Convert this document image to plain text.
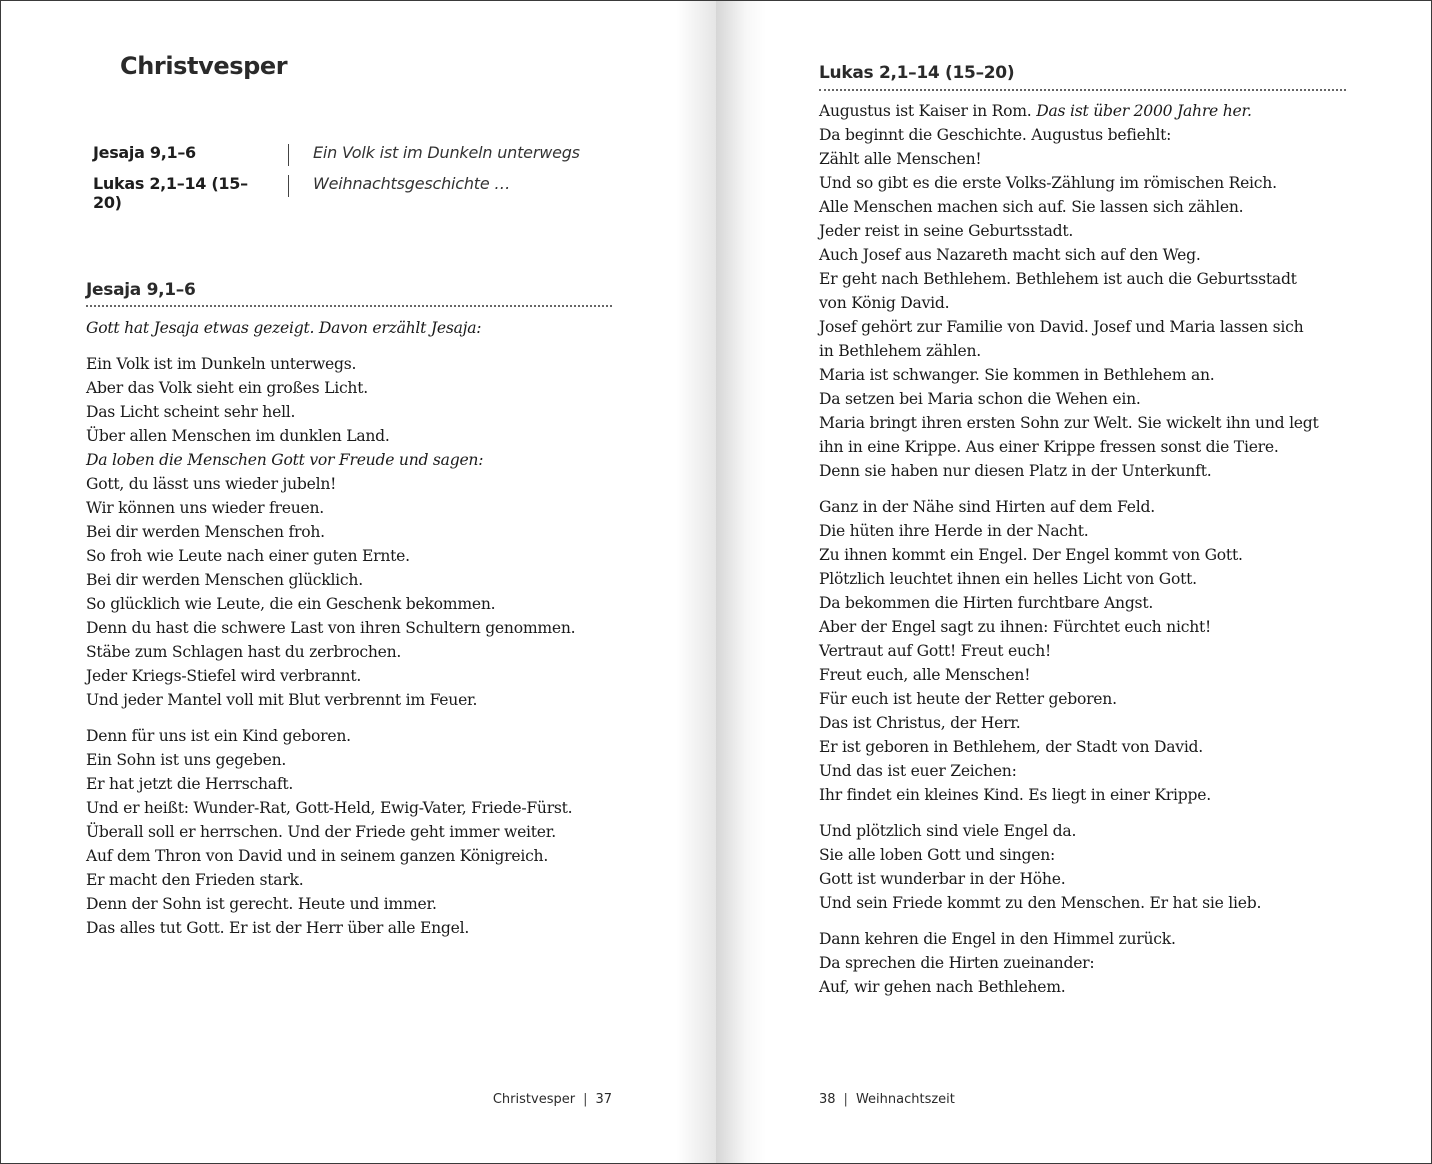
Christvesper
Jesaja 9,1–6	Ein Volk ist im Dunkeln unterwegs
Lukas 2,1–14 (15–20)
Weihnachtsgeschichte …
Jesaja 9,1–6
Gott hat Jesaja etwas gezeigt. Davon erzählt Jesaja:
Ein Volk ist im Dunkeln unterwegs.
Aber das Volk sieht ein großes Licht.
Das Licht scheint sehr hell.
Über allen Menschen im dunklen Land.
Da loben die Menschen Gott vor Freude und sagen:
Gott, du lässt uns wieder jubeln!
Wir können uns wieder freuen.
Bei dir werden Menschen froh.
So froh wie Leute nach einer guten Ernte.
Bei dir werden Menschen glücklich.
So glücklich wie Leute, die ein Geschenk bekommen.
Denn du hast die schwere Last von ihren Schultern genommen.
Stäbe zum Schlagen hast du zerbrochen.
Jeder Kriegs-Stiefel wird verbrannt.
Und jeder Mantel voll mit Blut verbrennt im Feuer.
Denn für uns ist ein Kind geboren.
Ein Sohn ist uns gegeben.
Er hat jetzt die Herrschaft.
Und er heißt: Wunder-Rat, Gott-Held, Ewig-Vater, Friede-Fürst.
Überall soll er herrschen. Und der Friede geht immer weiter.
Auf dem Thron von David und in seinem ganzen Königreich.
Er macht den Frieden stark.
Denn der Sohn ist gerecht. Heute und immer.
Das alles tut Gott. Er ist der Herr über alle Engel.
Christvesper | 37
Lukas 2,1–14 (15–20)
Augustus ist Kaiser in Rom. Das ist über 2000 Jahre her.
Da beginnt die Geschichte. Augustus befiehlt:
Zählt alle Menschen!
Und so gibt es die erste Volks-Zählung im römischen Reich.
Alle Menschen machen sich auf. Sie lassen sich zählen.
Jeder reist in seine Geburtsstadt.
Auch Josef aus Nazareth macht sich auf den Weg.
Er geht nach Bethlehem. Bethlehem ist auch die Geburtsstadt
von König David.
Josef gehört zur Familie von David. Josef und Maria lassen sich
in Bethlehem zählen.
Maria ist schwanger. Sie kommen in Bethlehem an.
Da setzen bei Maria schon die Wehen ein.
Maria bringt ihren ersten Sohn zur Welt. Sie wickelt ihn und legt
ihn in eine Krippe. Aus einer Krippe fressen sonst die Tiere.
Denn sie haben nur diesen Platz in der Unterkunft.
Ganz in der Nähe sind Hirten auf dem Feld.
Die hüten ihre Herde in der Nacht.
Zu ihnen kommt ein Engel. Der Engel kommt von Gott.
Plötzlich leuchtet ihnen ein helles Licht von Gott.
Da bekommen die Hirten furchtbare Angst.
Aber der Engel sagt zu ihnen: Fürchtet euch nicht!
Vertraut auf Gott! Freut euch!
Freut euch, alle Menschen!
Für euch ist heute der Retter geboren.
Das ist Christus, der Herr.
Er ist geboren in Bethlehem, der Stadt von David.
Und das ist euer Zeichen:
Ihr findet ein kleines Kind. Es liegt in einer Krippe.
Und plötzlich sind viele Engel da.
Sie alle loben Gott und singen:
Gott ist wunderbar in der Höhe.
Und sein Friede kommt zu den Menschen. Er hat sie lieb.
Dann kehren die Engel in den Himmel zurück.
Da sprechen die Hirten zueinander:
Auf, wir gehen nach Bethlehem.
38 | Weihnachtszeit
